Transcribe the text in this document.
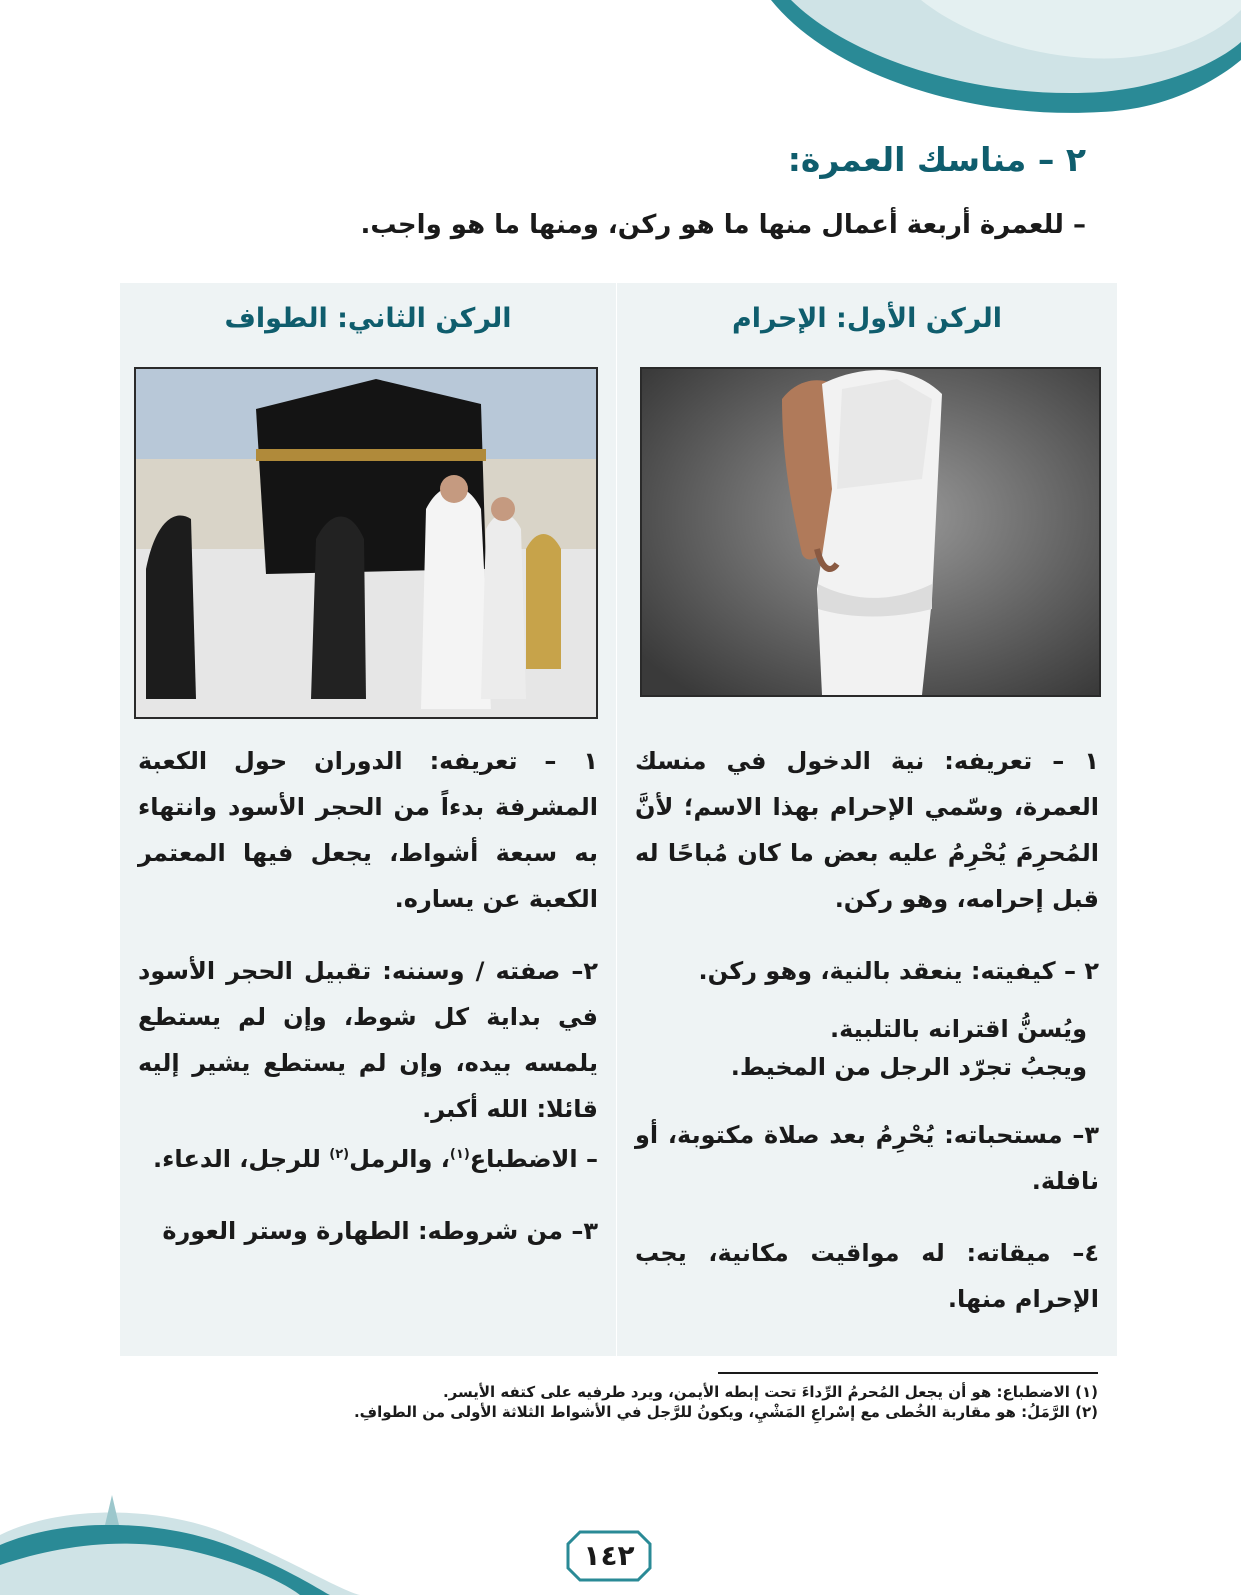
٢ – مناسك العمرة:

– للعمرة أربعة أعمال منها ما هو ركن، ومنها ما هو واجب.

الركن الأول: الإحرام

١ – تعريفه: نية الدخول في منسك العمرة، وسّمي الإحرام بهذا الاسم؛ لأنَّ المُحرِمَ يُحْرِمُ عليه بعض ما كان مُباحًا له قبل إحرامه، وهو ركن.

٢ – كيفيته: ينعقد بالنية، وهو ركن.

ويُسنُّ اقترانه بالتلبية.

ويجبُ تجرّد الرجل من المخيط.

٣– مستحباته: يُحْرِمُ بعد صلاة مكتوبة، أو نافلة.

٤– ميقاته: له مواقيت مكانية، يجب الإحرام منها.

الركن الثاني: الطواف

١ – تعريفه: الدوران حول الكعبة المشرفة بدءاً من الحجر الأسود وانتهاء به سبعة أشواط، يجعل فيها المعتمر الكعبة عن يساره.

٢– صفته / وسننه: تقبيل الحجر الأسود في بداية كل شوط، وإن لم يستطع يلمسه بيده، وإن لم يستطع يشير إليه قائلا: الله أكبر.

– الاضطباع$^{(١)}$، والرمل$^{(٢)}$ للرجل، الدعاء.

٣– من شروطه: الطهارة وستر العورة

(١) الاضطباع: هو أن يجعل المُحرمُ الرِّداءَ تحت إبطه الأيمن، ويرد طرفيه على كتفه الأيسر.

(٢) الرَّمَلُ: هو مقاربة الخُطى مع إسْراعِ المَشْيِ، ويكونُ للرَّجل في الأشواط الثلاثة الأولى من الطوافِ.

١٤٢
